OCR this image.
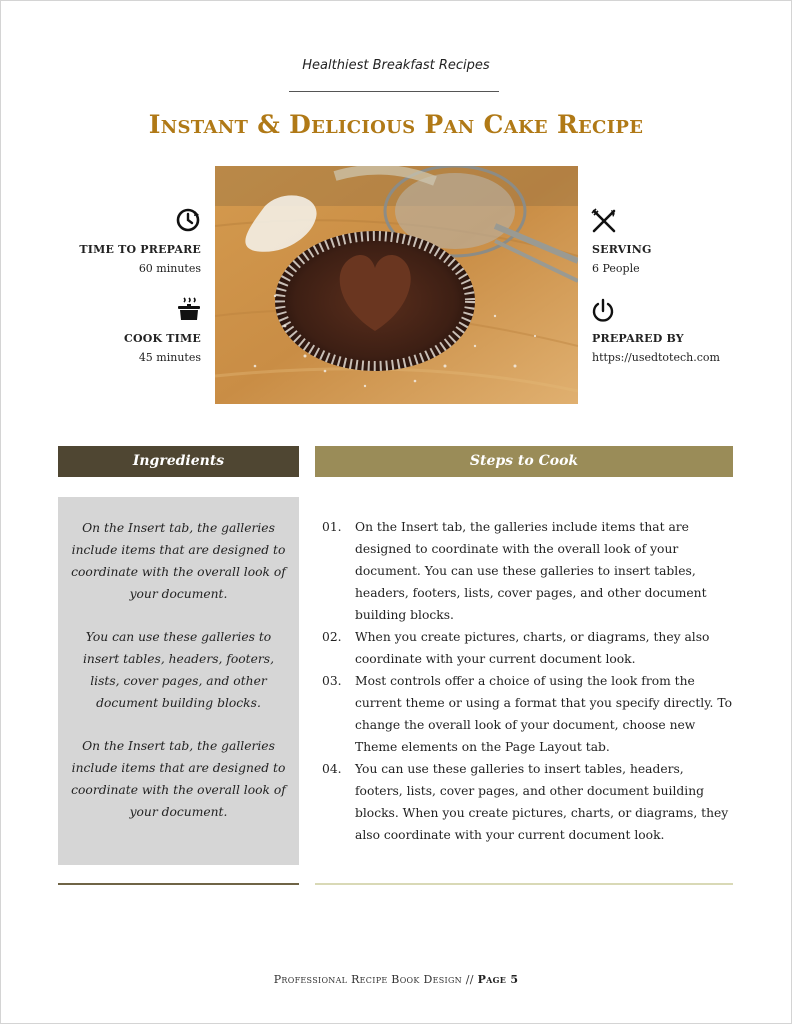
Healthiest Breakfast Recipes
Instant & Delicious Pan Cake Recipe
TIME TO PREPARE
60 minutes
COOK TIME
45 minutes
SERVING
6 People
PREPARED BY
https://usedtotech.com
Ingredients	Steps to Cook

On the Insert tab, the galleries include items that are designed to coordinate with the overall look of your document.

You can use these galleries to insert tables, headers, footers, lists, cover pages, and other document building blocks.

On the Insert tab, the galleries include items that are designed to coordinate with the overall look of your document.

01. On the Insert tab, the galleries include items that are designed to coordinate with the overall look of your document. You can use these galleries to insert tables, headers, footers, lists, cover pages, and other document building blocks.
02. When you create pictures, charts, or diagrams, they also coordinate with your current document look.
03. Most controls offer a choice of using the look from the current theme or using a format that you specify directly. To change the overall look of your document, choose new Theme elements on the Page Layout tab.
04. You can use these galleries to insert tables, headers, footers, lists, cover pages, and other document building blocks. When you create pictures, charts, or diagrams, they also coordinate with your current document look.
Professional Recipe Book Design // Page 5
